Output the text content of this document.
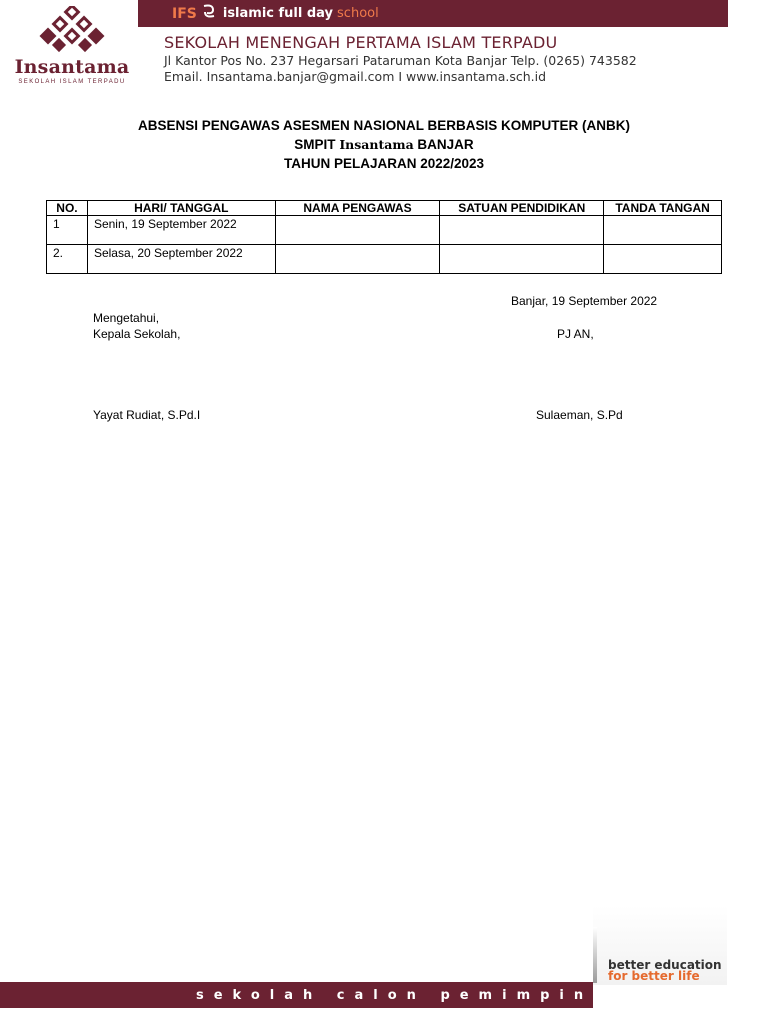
Insantama
SEKOLAH ISLAM TERPADU
IFS islamic full day school
SEKOLAH MENENGAH PERTAMA ISLAM TERPADU
Jl Kantor Pos No. 237 Hegarsari Pataruman Kota Banjar Telp. (0265) 743582
Email. Insantama.banjar@gmail.com I www.insantama.sch.id
ABSENSI PENGAWAS ASESMEN NASIONAL BERBASIS KOMPUTER (ANBK)
SMPIT Insantama BANJAR
TAHUN PELAJARAN 2022/2023
NO.	HARI/ TANGGAL	NAMA PENGAWAS	SATUAN PENDIDIKAN	TANDA TANGAN
1	Senin, 19 September 2022			
2.	Selasa, 20 September 2022			
Banjar, 19 September 2022
Mengetahui,
Kepala Sekolah,	PJ AN,
Yayat Rudiat, S.Pd.I	Sulaeman, S.Pd
better education
for better life
sekolah calon pemimpin
